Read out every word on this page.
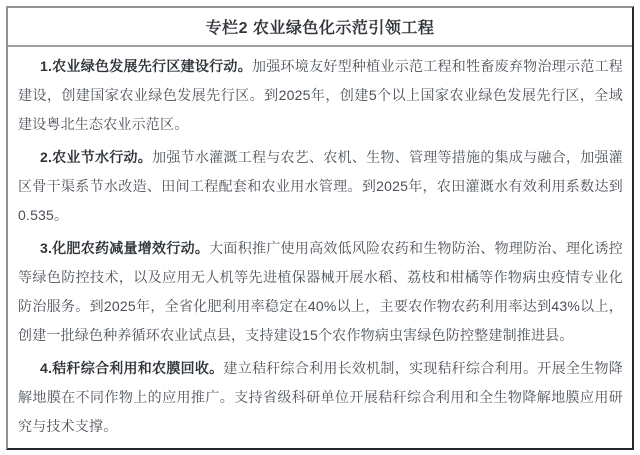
专栏2 农业绿色化示范引领工程

1.农业绿色发展先行区建设行动。加强环境友好型种植业示范工程和牲畜废弃物治理示范工程建设，创建国家农业绿色发展先行区。到2025年，创建5个以上国家农业绿色发展先行区，全域建设粤北生态农业示范区。

2.农业节水行动。加强节水灌溉工程与农艺、农机、生物、管理等措施的集成与融合，加强灌区骨干渠系节水改造、田间工程配套和农业用水管理。到2025年，农田灌溉水有效利用系数达到0.535。

3.化肥农药减量增效行动。大面积推广使用高效低风险农药和生物防治、物理防治、理化诱控等绿色防控技术，以及应用无人机等先进植保器械开展水稻、荔枝和柑橘等作物病虫疫情专业化防治服务。到2025年，全省化肥利用率稳定在40%以上，主要农作物农药利用率达到43%以上，创建一批绿色种养循环农业试点县，支持建设15个农作物病虫害绿色防控整建制推进县。

4.秸秆综合利用和农膜回收。建立秸秆综合利用长效机制，实现秸秆综合利用。开展全生物降解地膜在不同作物上的应用推广。支持省级科研单位开展秸秆综合利用和全生物降解地膜应用研究与技术支撑。
